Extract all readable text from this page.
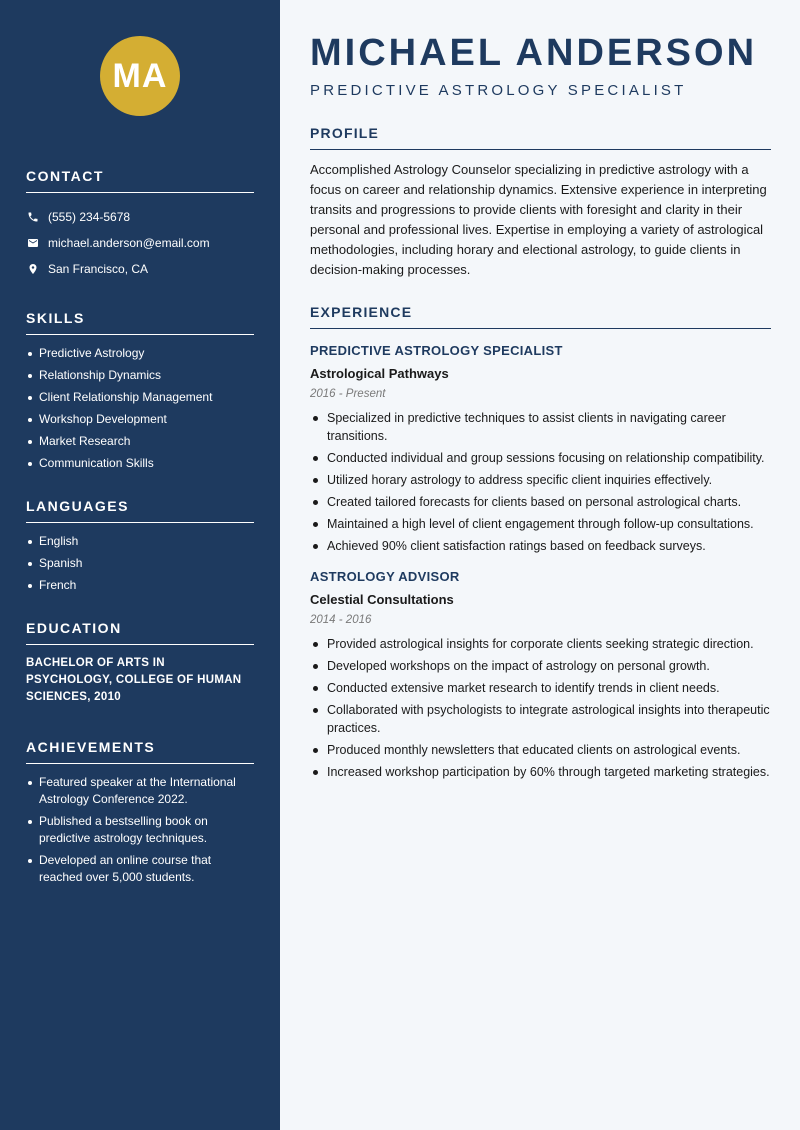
MA
CONTACT
(555) 234-5678
michael.anderson@email.com
San Francisco, CA
SKILLS
Predictive Astrology
Relationship Dynamics
Client Relationship Management
Workshop Development
Market Research
Communication Skills
LANGUAGES
English
Spanish
French
EDUCATION

BACHELOR OF ARTS IN PSYCHOLOGY, COLLEGE OF HUMAN SCIENCES, 2010

ACHIEVEMENTS
Featured speaker at the International Astrology Conference 2022.
Published a bestselling book on predictive astrology techniques.
Developed an online course that reached over 5,000 students.
MICHAEL ANDERSON
PREDICTIVE ASTROLOGY SPECIALIST
PROFILE

Accomplished Astrology Counselor specializing in predictive astrology with a focus on career and relationship dynamics. Extensive experience in interpreting transits and progressions to provide clients with foresight and clarity in their personal and professional lives. Expertise in employing a variety of astrological methodologies, including horary and electional astrology, to guide clients in decision-making processes.

EXPERIENCE
PREDICTIVE ASTROLOGY SPECIALIST
Astrological Pathways
2016 - Present
Specialized in predictive techniques to assist clients in navigating career transitions.
Conducted individual and group sessions focusing on relationship compatibility.
Utilized horary astrology to address specific client inquiries effectively.
Created tailored forecasts for clients based on personal astrological charts.
Maintained a high level of client engagement through follow-up consultations.
Achieved 90% client satisfaction ratings based on feedback surveys.
ASTROLOGY ADVISOR
Celestial Consultations
2014 - 2016
Provided astrological insights for corporate clients seeking strategic direction.
Developed workshops on the impact of astrology on personal growth.
Conducted extensive market research to identify trends in client needs.
Collaborated with psychologists to integrate astrological insights into therapeutic practices.
Produced monthly newsletters that educated clients on astrological events.
Increased workshop participation by 60% through targeted marketing strategies.
